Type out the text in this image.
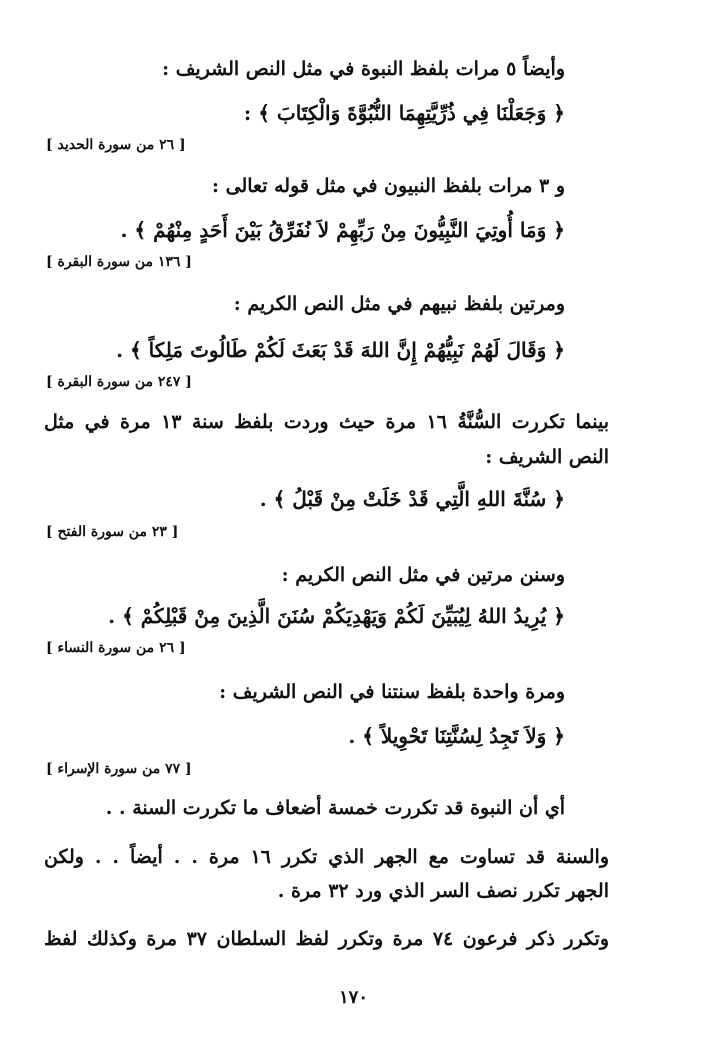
وأيضاً ٥ مرات بلفظ النبوة في مثل النص الشريف :
﴿ وَجَعَلْنَا فِي ذُرِّيَّتِهِمَا النُّبُوَّةَ وَالْكِتَابَ ﴾ :
[ ٢٦ من سورة الحديد ]
و ٣ مرات بلفظ النبيون في مثل قوله تعالى :
﴿ وَمَا أُوتِيَ النَّبِيُّونَ مِنْ رَبِّهِمْ لاَ نُفَرِّقُ بَيْنَ أَحَدٍ مِنْهُمْ ﴾ .
[ ١٣٦ من سورة البقرة ]
ومرتين بلفظ نبيهم في مثل النص الكريم :
﴿ وَقَالَ لَهُمْ نَبِيُّهُمْ إِنَّ اللهَ قَدْ بَعَثَ لَكُمْ طَالُوتَ مَلِكاً ﴾ .
[ ٢٤٧ من سورة البقرة ]
بينما تكررت السُّنَّةُ ١٦ مرة حيث وردت بلفظ سنة ١٣ مرة في مثل
النص الشريف :
﴿ سُنَّةَ اللهِ الَّتِي قَدْ خَلَتْ مِنْ قَبْلُ ﴾ .
[ ٢٣ من سورة الفتح ]
وسنن مرتين في مثل النص الكريم :
﴿ يُرِيدُ اللهُ لِيُبَيِّنَ لَكُمْ وَيَهْدِيَكُمْ سُنَنَ الَّذِينَ مِنْ قَبْلِكُمْ ﴾ .
[ ٢٦ من سورة النساء ]
ومرة واحدة بلفظ سنتنا في النص الشريف :
﴿ وَلاَ تَجِدُ لِسُنَّتِنَا تَحْوِيلاً ﴾ .
[ ٧٧ من سورة الإسراء ]
أي أن النبوة قد تكررت خمسة أضعاف ما تكررت السنة . .
والسنة قد تساوت مع الجهر الذي تكرر ١٦ مرة . . أيضاً . . ولكن
الجهر تكرر نصف السر الذي ورد ٣٢ مرة .
وتكرر ذكر فرعون ٧٤ مرة وتكرر لفظ السلطان ٣٧ مرة وكذلك لفظ
١٧٠
